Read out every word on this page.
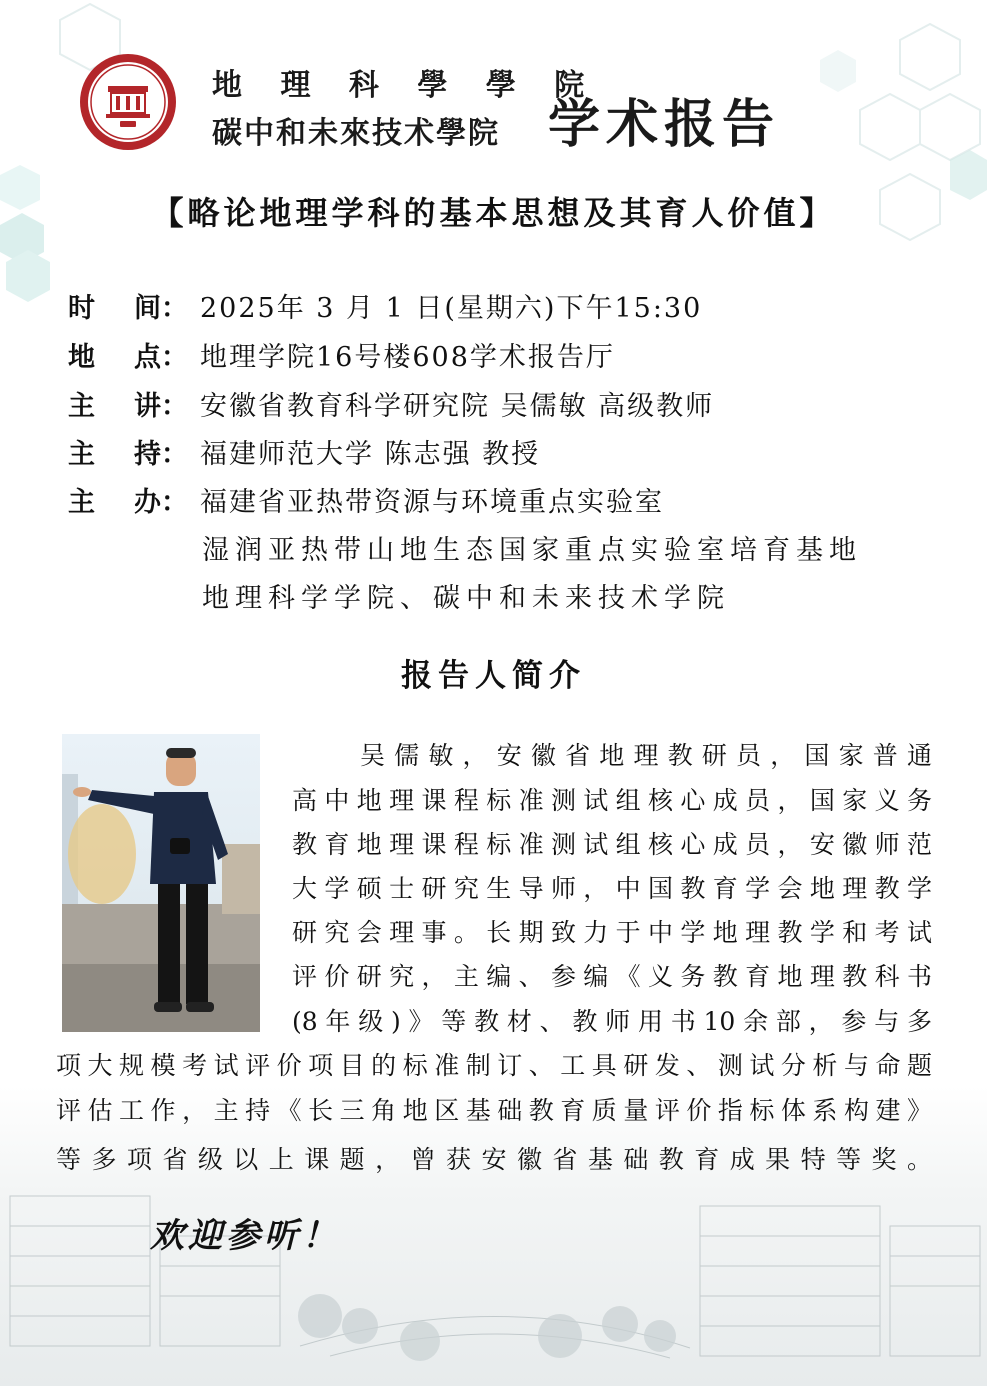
地 理 科 學 學 院
碳中和未來技术學院 学术报告
【略论地理学科的基本思想及其育人价值】
时 间： 2025年 3 月 1 日(星期六)下午15:30
地 点： 地理学院16号楼608学术报告厅
主 讲： 安徽省教育科学研究院 吴儒敏 高级教师
主 持： 福建师范大学 陈志强 教授
主 办： 福建省亚热带资源与环境重点实验室
湿润亚热带山地生态国家重点实验室培育基地
地理科学学院、碳中和未来技术学院
报告人简介
吴儒敏，安徽省地理教研员，国家普通
高中地理课程标准测试组核心成员，国家义务
教育地理课程标准测试组核心成员，安徽师范
大学硕士研究生导师，中国教育学会地理教学
研究会理事。长期致力于中学地理教学和考试
评价研究，主编、参编《义务教育地理教科书
(8年级)》等教材、教师用书10余部，参与多
项大规模考试评价项目的标准制订、工具研发、测试分析与命题
评估工作，主持《长三角地区基础教育质量评价指标体系构建》
等多项省级以上课题，曾获安徽省基础教育成果特等奖。
欢迎参听！
